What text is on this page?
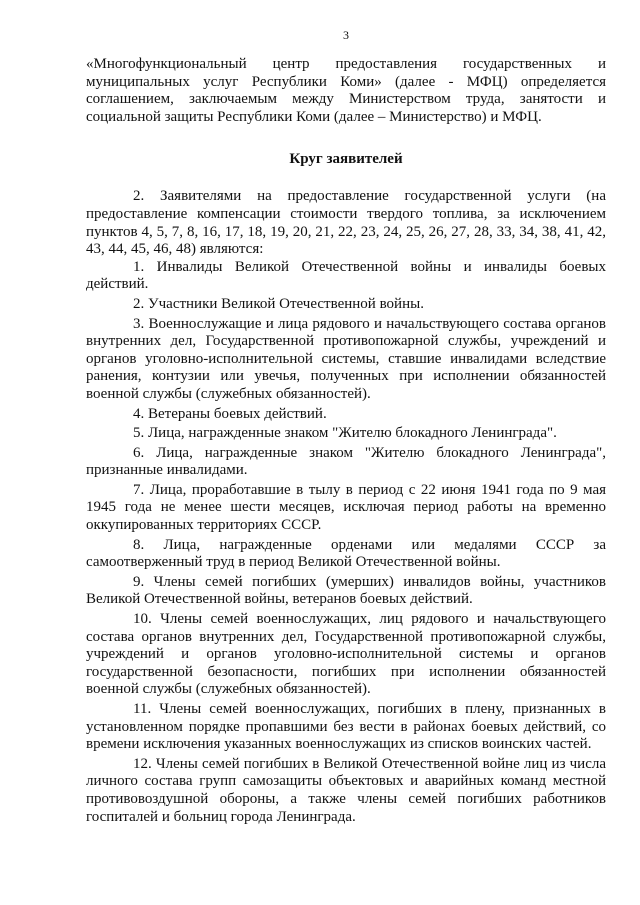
3

«Многофункциональный центр предоставления государственных и муниципальных услуг Республики Коми» (далее - МФЦ) определяется соглашением, заключаемым между Министерством труда, занятости и социальной защиты Республики Коми (далее – Министерство) и МФЦ.

Круг заявителей

2. Заявителями на предоставление государственной услуги (на предоставление компенсации стоимости твердого топлива, за исключением пунктов 4, 5, 7, 8, 16, 17, 18, 19, 20, 21, 22, 23, 24, 25, 26, 27, 28, 33, 34, 38, 41, 42, 43, 44, 45, 46, 48) являются:

1. Инвалиды Великой Отечественной войны и инвалиды боевых действий.

2. Участники Великой Отечественной войны.

3. Военнослужащие и лица рядового и начальствующего состава органов внутренних дел, Государственной противопожарной службы, учреждений и органов уголовно-исполнительной системы, ставшие инвалидами вследствие ранения, контузии или увечья, полученных при исполнении обязанностей военной службы (служебных обязанностей).

4. Ветераны боевых действий.

5. Лица, награжденные знаком "Жителю блокадного Ленинграда".

6. Лица, награжденные знаком "Жителю блокадного Ленинграда", признанные инвалидами.

7. Лица, проработавшие в тылу в период с 22 июня 1941 года по 9 мая 1945 года не менее шести месяцев, исключая период работы на временно оккупированных территориях СССР.

8. Лица, награжденные орденами или медалями СССР за самоотверженный труд в период Великой Отечественной войны.

9. Члены семей погибших (умерших) инвалидов войны, участников Великой Отечественной войны, ветеранов боевых действий.

10. Члены семей военнослужащих, лиц рядового и начальствующего состава органов внутренних дел, Государственной противопожарной службы, учреждений и органов уголовно-исполнительной системы и органов государственной безопасности, погибших при исполнении обязанностей военной службы (служебных обязанностей).

11. Члены семей военнослужащих, погибших в плену, признанных в установленном порядке пропавшими без вести в районах боевых действий, со времени исключения указанных военнослужащих из списков воинских частей.

12. Члены семей погибших в Великой Отечественной войне лиц из числа личного состава групп самозащиты объектовых и аварийных команд местной противовоздушной обороны, а также члены семей погибших работников госпиталей и больниц города Ленинграда.
